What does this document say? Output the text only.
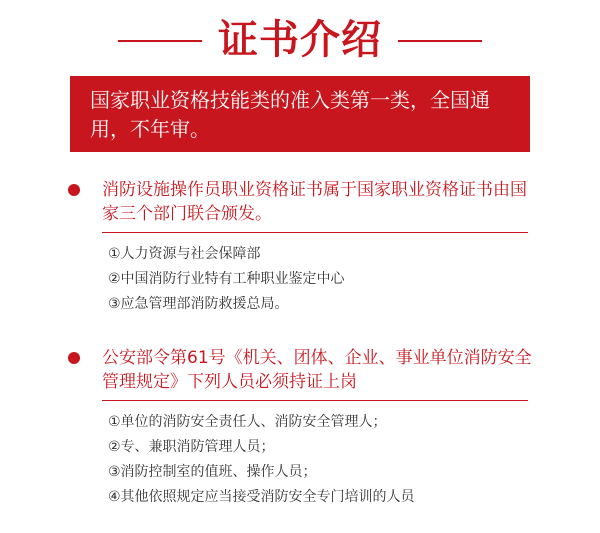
证书介绍
国家职业资格技能类的准入类第一类，全国通用，不年审。
消防设施操作员职业资格证书属于国家职业资格证书由国家三个部门联合颁发。
①人力资源与社会保障部
②中国消防行业特有工种职业鉴定中心
③应急管理部消防救援总局。
公安部令第61号《机关、团体、企业、事业单位消防安全管理规定》下列人员必须持证上岗
①单位的消防安全责任人、消防安全管理人；
②专、兼职消防管理人员；
③消防控制室的值班、操作人员；
④其他依照规定应当接受消防安全专门培训的人员
